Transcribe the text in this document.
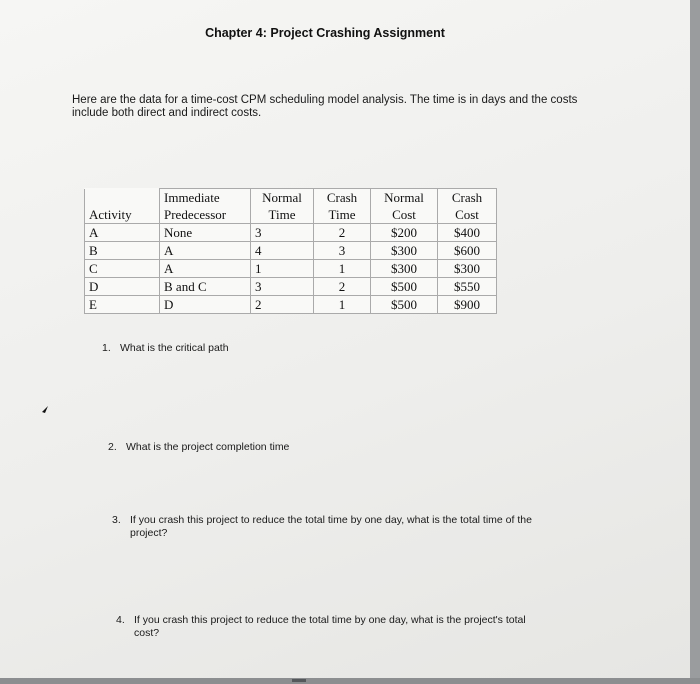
Chapter 4: Project Crashing Assignment
Here are the data for a time-cost CPM scheduling model analysis. The time is in days and the costs include both direct and indirect costs.
	Immediate	Normal	Crash	Normal	Crash
Activity	Predecessor	Time	Time	Cost	Cost
A	None	3	2	$200	$400
B	A	4	3	$300	$600
C	A	1	1	$300	$300
D	B and C	3	2	$500	$550
E	D	2	1	$500	$900
1. What is the critical path
2. What is the project completion time
3. If you crash this project to reduce the total time by one day, what is the total time of the
project?
4. If you crash this project to reduce the total time by one day, what is the project's total
cost?
